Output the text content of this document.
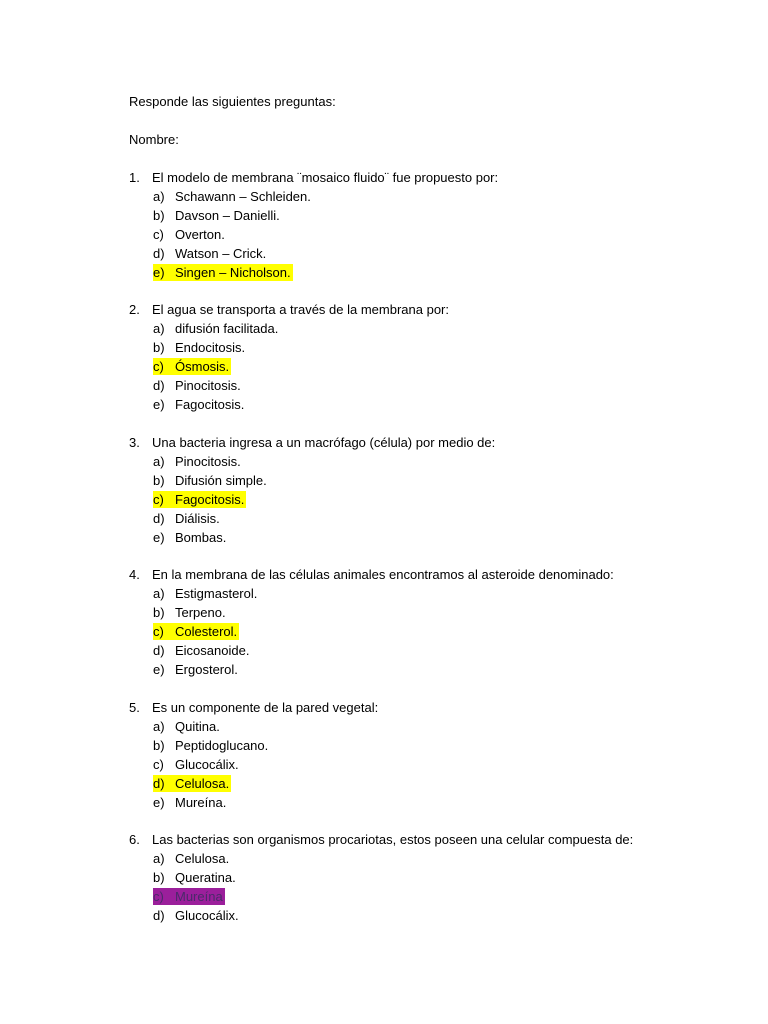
Responde las siguientes preguntas:
Nombre:
1. El modelo de membrana ¨mosaico fluido¨ fue propuesto por:
a) Schawann – Schleiden.
b) Davson – Danielli.
c) Overton.
d) Watson – Crick.
e) Singen – Nicholson.
2. El agua se transporta a través de la membrana por:
a) difusión facilitada.
b) Endocitosis.
c) Ósmosis.
d) Pinocitosis.
e) Fagocitosis.
3. Una bacteria ingresa a un macrófago (célula) por medio de:
a) Pinocitosis.
b) Difusión simple.
c) Fagocitosis.
d) Diálisis.
e) Bombas.
4. En la membrana de las células animales encontramos al asteroide denominado:
a) Estigmasterol.
b) Terpeno.
c) Colesterol.
d) Eicosanoide.
e) Ergosterol.
5. Es un componente de la pared vegetal:
a) Quitina.
b) Peptidoglucano.
c) Glucocálix.
d) Celulosa.
e) Mureína.
6. Las bacterias son organismos procariotas, estos poseen una celular compuesta de:
a) Celulosa.
b) Queratina.
c) Mureína
d) Glucocálix.
